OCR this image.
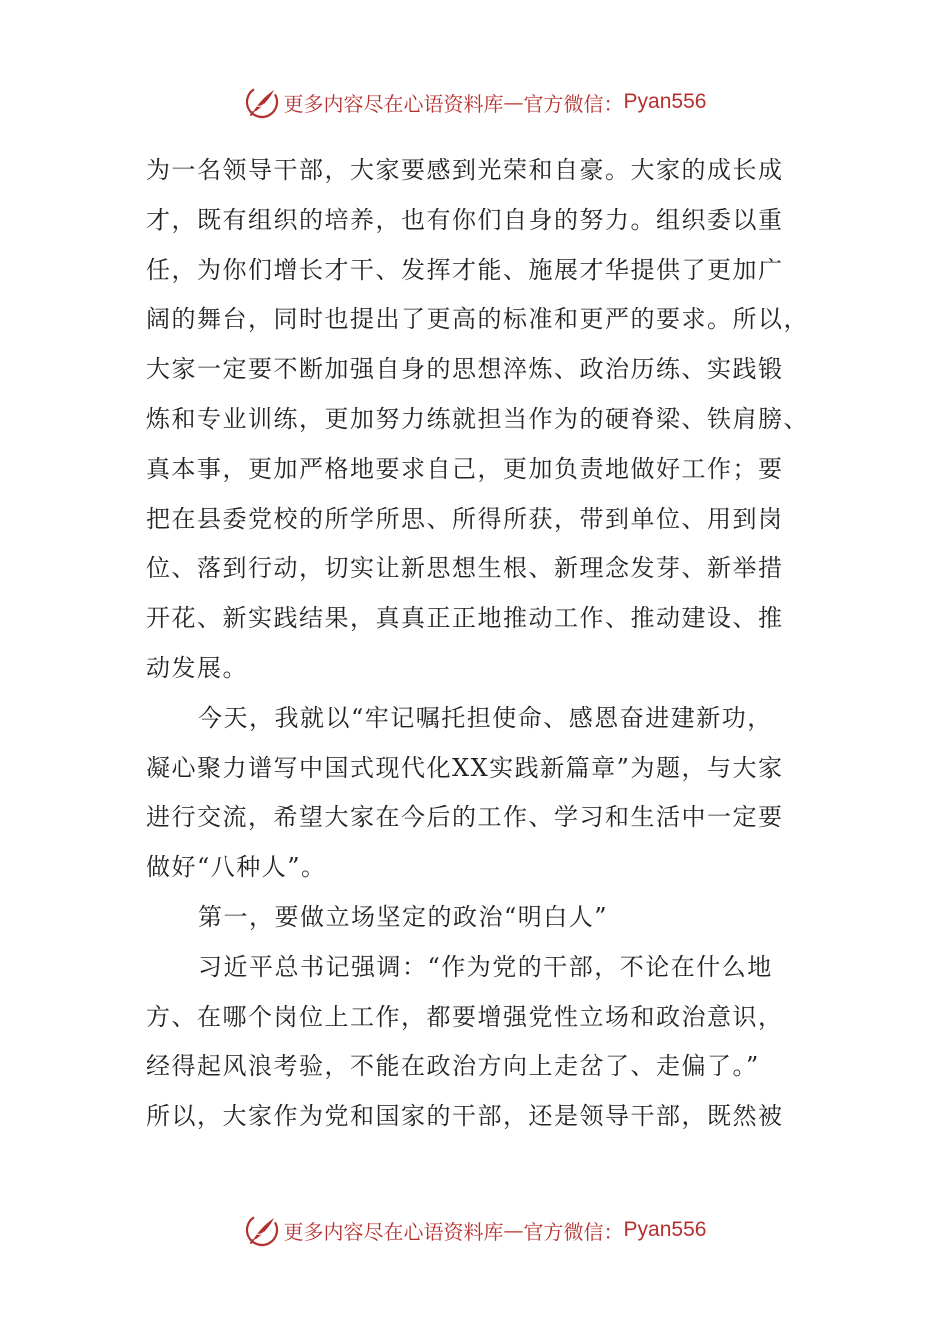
更多内容尽在心语资料库 — 官方微信： Pyan556
为一名领导干部，大家要感到光荣和自豪。大家的成长成
才，既有组织的培养，也有你们自身的努力。组织委以重
任，为你们增长才干、发挥才能、施展才华提供了更加广
阔的舞台，同时也提出了更高的标准和更严的要求。所以，
大家一定要不断加强自身的思想淬炼、政治历练、实践锻
炼和专业训练，更加努力练就担当作为的硬脊梁、铁肩膀、
真本事，更加严格地要求自己，更加负责地做好工作；要
把在县委党校的所学所思、所得所获，带到单位、用到岗
位、落到行动，切实让新思想生根、新理念发芽、新举措
开花、新实践结果，真真正正地推动工作、推动建设、推
动发展。
今天，我就以“牢记嘱托担使命、感恩奋进建新功，
凝心聚力谱写中国式现代化XX实践新篇章”为题，与大家
进行交流，希望大家在今后的工作、学习和生活中一定要
做好“八种人”。
第一，要做立场坚定的政治“明白人”
习近平总书记强调：“作为党的干部，不论在什么地
方、在哪个岗位上工作，都要增强党性立场和政治意识，
经得起风浪考验，不能在政治方向上走岔了、走偏了。”
所以，大家作为党和国家的干部，还是领导干部，既然被
更多内容尽在心语资料库 — 官方微信： Pyan556
